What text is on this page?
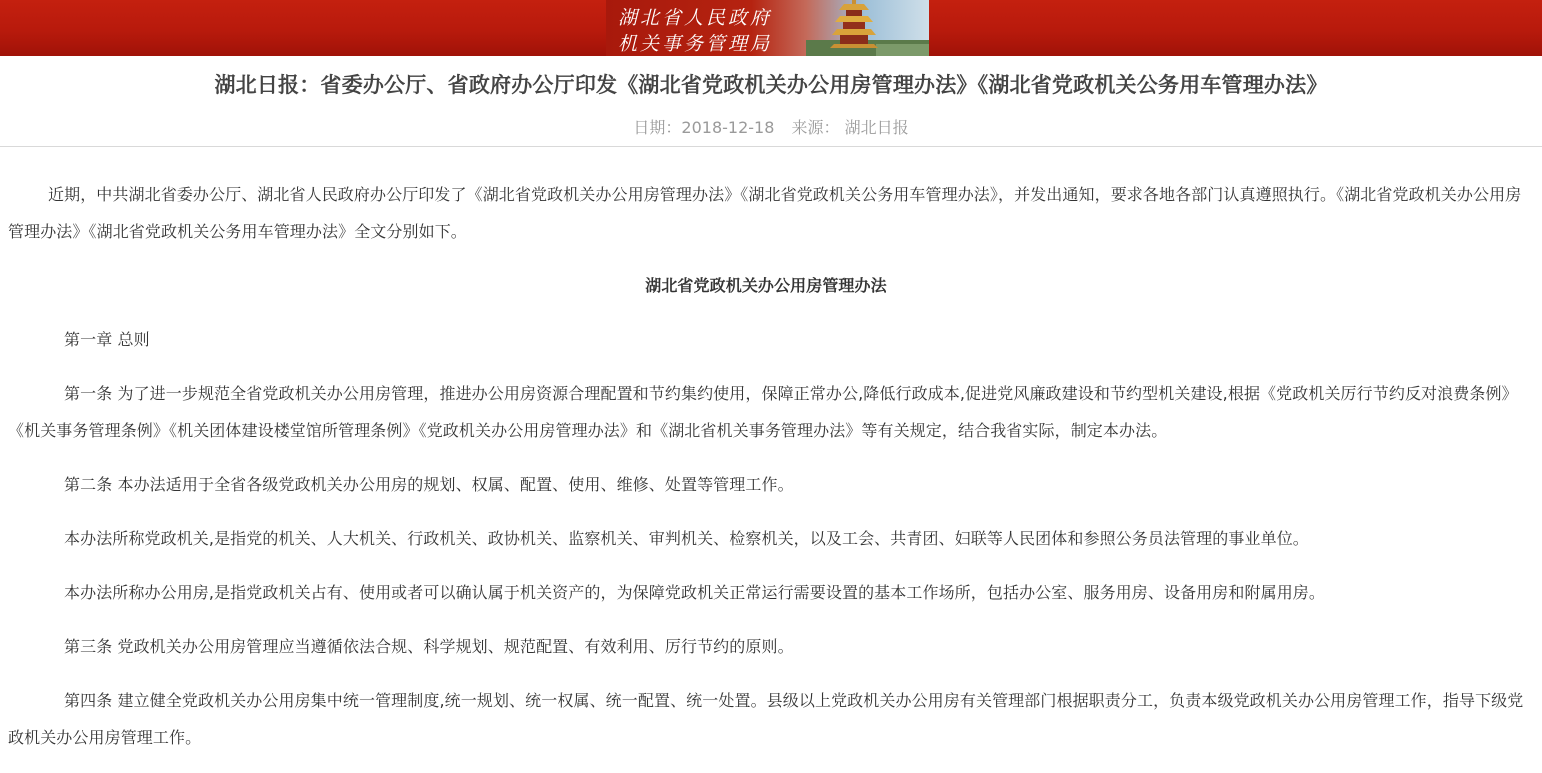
湖北省人民政府
机关事务管理局
湖北日报：省委办公厅、省政府办公厅印发《湖北省党政机关办公用房管理办法》《湖北省党政机关公务用车管理办法》
日期：2018-12-18 来源： 湖北日报

近期，中共湖北省委办公厅、湖北省人民政府办公厅印发了《湖北省党政机关办公用房管理办法》《湖北省党政机关公务用车管理办法》，并发出通知，要求各地各部门认真遵照执行。《湖北省党政机关办公用房管理办法》《湖北省党政机关公务用车管理办法》全文分别如下。

湖北省党政机关办公用房管理办法

第一章 总则

第一条 为了进一步规范全省党政机关办公用房管理，推进办公用房资源合理配置和节约集约使用，保障正常办公,降低行政成本,促进党风廉政建设和节约型机关建设,根据《党政机关厉行节约反对浪费条例》《机关事务管理条例》《机关团体建设楼堂馆所管理条例》《党政机关办公用房管理办法》和《湖北省机关事务管理办法》等有关规定，结合我省实际，制定本办法。

第二条 本办法适用于全省各级党政机关办公用房的规划、权属、配置、使用、维修、处置等管理工作。

本办法所称党政机关,是指党的机关、人大机关、行政机关、政协机关、监察机关、审判机关、检察机关，以及工会、共青团、妇联等人民团体和参照公务员法管理的事业单位。

本办法所称办公用房,是指党政机关占有、使用或者可以确认属于机关资产的，为保障党政机关正常运行需要设置的基本工作场所，包括办公室、服务用房、设备用房和附属用房。

第三条 党政机关办公用房管理应当遵循依法合规、科学规划、规范配置、有效利用、厉行节约的原则。

第四条 建立健全党政机关办公用房集中统一管理制度,统一规划、统一权属、统一配置、统一处置。县级以上党政机关办公用房有关管理部门根据职责分工，负责本级党政机关办公用房管理工作，指导下级党政机关办公用房管理工作。
